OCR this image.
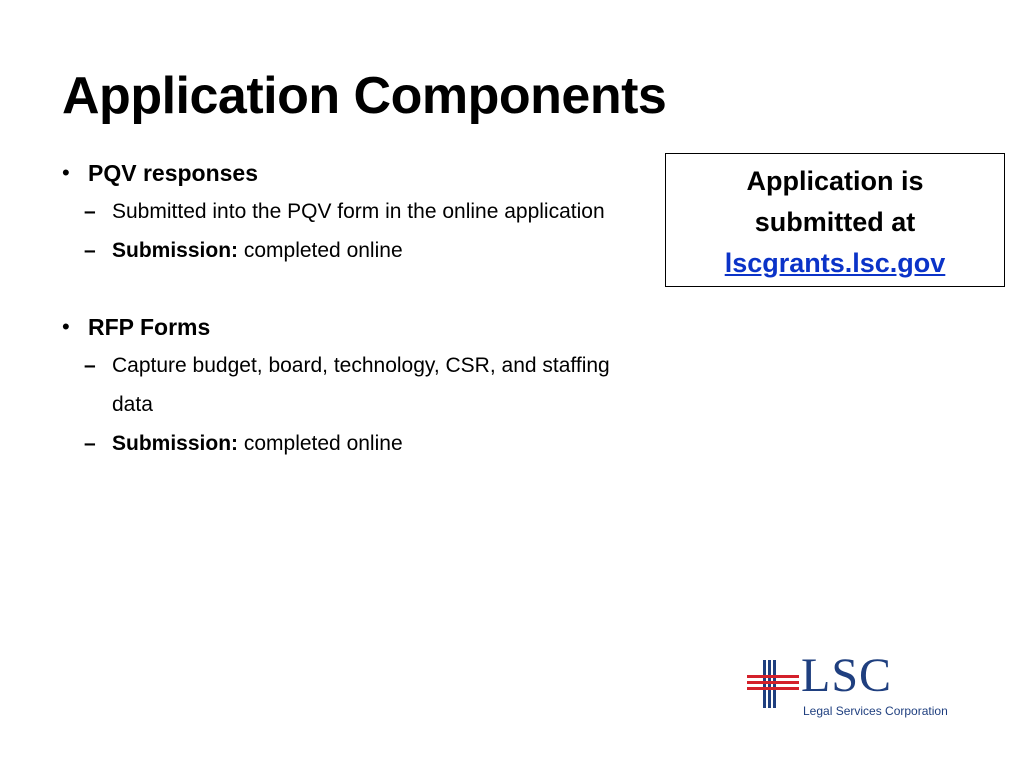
Application Components
• PQV responses
– Submitted into the PQV form in the online application
– Submission: completed online
• RFP Forms
– Capture budget, board, technology, CSR, and staffing data
– Submission: completed online
Application is
submitted at
lscgrants.lsc.gov
LSC
Legal Services Corporation
